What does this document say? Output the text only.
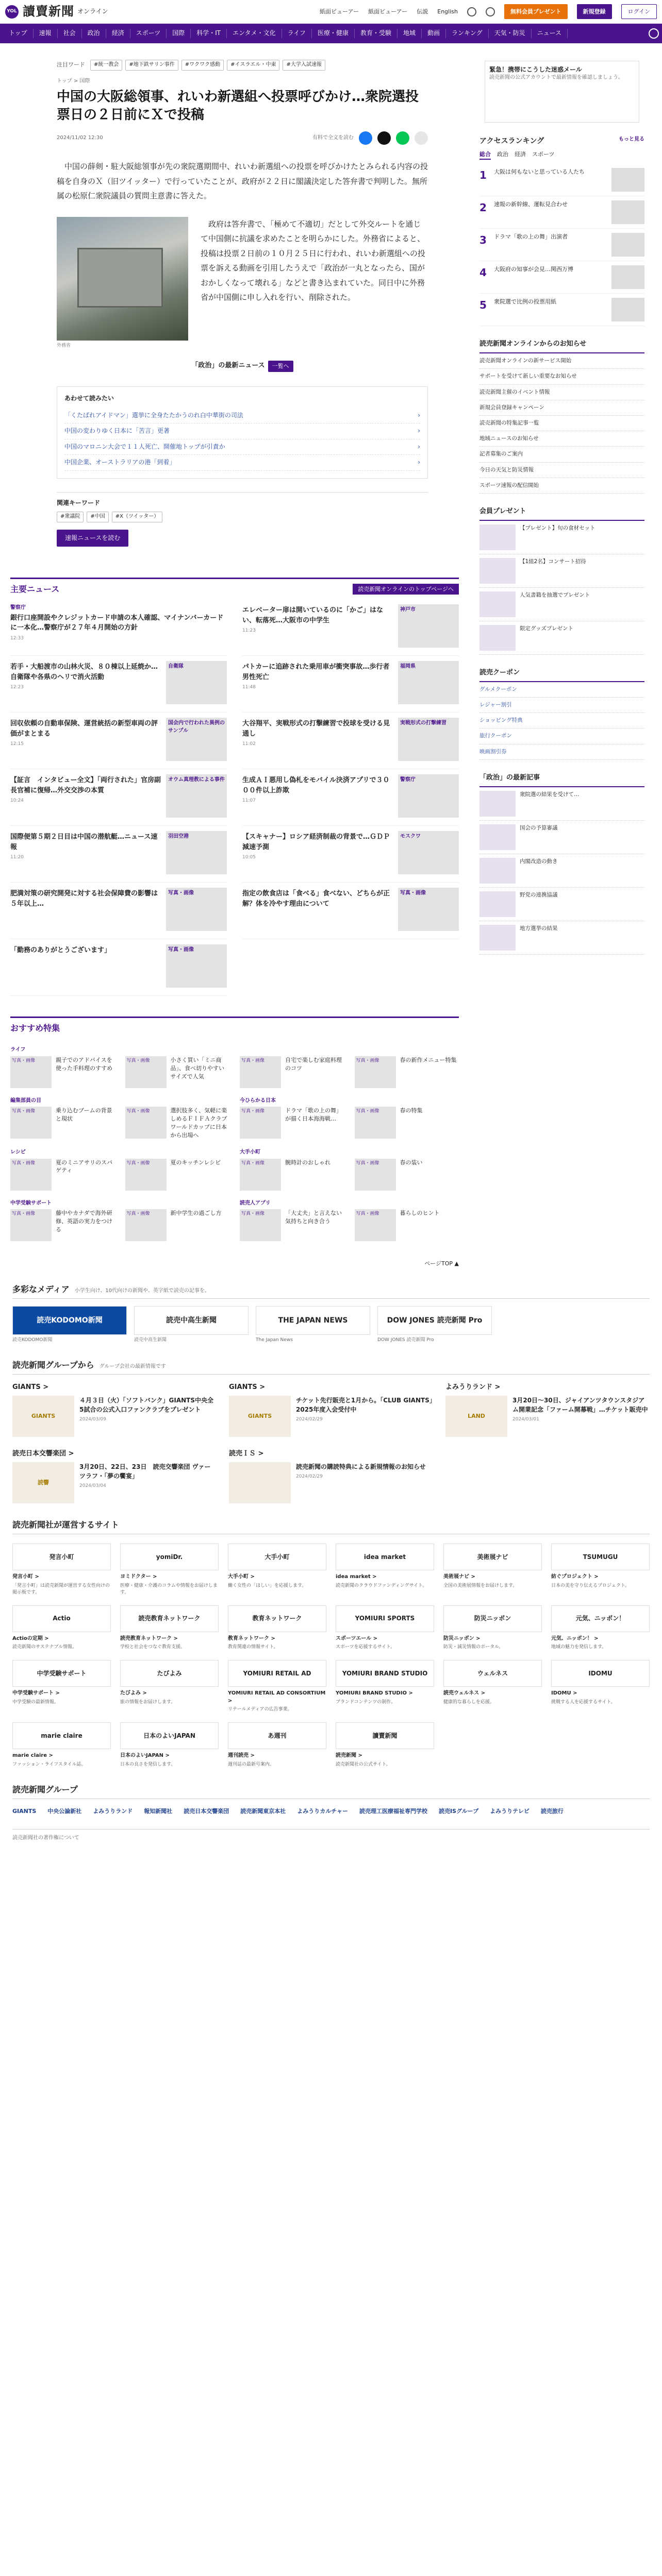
YOL 讀賣新聞 オンライン	紙面ビューアー 紙面ビューアー 伝説 English	無料会員プレゼント	新規登録	ログイン
トップ	速報	社会	政治	経済	スポーツ	国際	科学・IT	エンタメ・文化	ライフ	医療・健康	教育・受験	地域	動画	ランキング	天気・防災	ニュース
注目ワード	#統一教会	#地下鉄サリン事件	#ワクワク感動	#イスラエル・中東	#大学入試速報
トップ > 国際
中国の大阪総領事、れいわ新選組へ投票呼びかけ…衆院選投票日の２日前にＸで投稿
2024/11/02 12:30	有料で全文を読む

　中国の薛剣・駐大阪総領事が先の衆院選期間中、れいわ新選組への投票を呼びかけたとみられる内容の投稿を自身のＸ（旧ツイッター）で行っていたことが、政府が２２日に閣議決定した答弁書で判明した。無所属の松原仁衆院議員の質問主意書に答えた。

外務省

　政府は答弁書で、「極めて不適切」だとして外交ルートを通じて中国側に抗議を求めたことを明らかにした。外務省によると、投稿は投票２日前の１０月２５日に行われ、れいわ新選組への投票を訴える動画を引用したうえで「政治が一丸となったら、国がおかしくなって壊れる」などと書き込まれていた。同日中に外務省が中国側に申し入れを行い、削除された。

「政治」の最新ニュース	一覧へ
あわせて読みたい
「くたばれアイドマン」選挙に全身たたかうのれ白中華街の司法	›
中国の変わりゆく日本に「苦言」更著	›
中国のマロニン大会で１１人死亡、開催地トップが引責か	›
中国企業、オーストラリアの港「到着」	›
関連キーワード
#衆議院	#中国	#X（ツイッター）
速報ニュースを読む
主要ニュース	読売新聞オンラインのトップページへ
警察庁
銀行口座開設やクレジットカード申請の本人確認、マイナンバーカードに一本化…警察庁が２７年４月開始の方針
12:33
エレベーター扉は開いているのに「かご」はない、転落死…大阪市の中学生
11:23
神戸市
若手・大船渡市の山林火災、８０棟以上延焼か…自衛隊や各県のヘリで消火活動
12:23
自衛隊	パトカーに追跡された乗用車が衝突事故…歩行者男性死亡
11:48
福岡県
回収依頼の自動車保険、運営統括の新型車両の評価がまとまる
12:15
国会内で行われた異例のサンプル
大谷翔平、実戦形式の打撃練習で投球を受ける見通し
11:02
実戦形式の打撃練習
【証言　インタビュー全文】「両行された」官房副長官補に復帰…外交交渉の本質
10:24
オウム真理教による事件	生成ＡＩ悪用し偽札をモバイル決済アプリで３０００件以上詐欺
11:07
警察庁
国際便第５期２日目は中国の潜航艇…ニュース速報
11:20
羽田空港	【スキャナー】ロシア経済制裁の背景で…ＧＤＰ減速予測
10:05
モスクワ
肥満対策の研究開発に対する社会保障費の影響は５年以上…
写真・画像	指定の飲食店は「食べる」食べない、どちらが正解？体を冷やす理由について
写真・画像
「勤務のありがとうございます」	写真・画像
おすすめ特集
ライフ
写真・画像	親子でのアドバイスを使った手料理のすすめ

写真・画像	小さく買い「ミニ商品」、食べ切りやすいサイズで人気

写真・画像	自宅で楽しむ家庭料理のコツ

写真・画像	春の新作メニュー特集
編集部員の目
写真・画像	乗り込むブームの背景と現状

写真・画像	選択肢多く、気軽に楽しめるＦＩＦＡクラブワールドカップに日本から出場へ
今ひらかる日本
写真・画像	ドラマ「歌の上の舞」が描く日本海海戦…

写真・画像	春の特集
レシピ
写真・画像	夏のミニアサリのスパゲティ

写真・画像	夏のキッチンレシピ
大手小町
写真・画像	腕時計のおしゃれ
	写真・画像	春の装い
中学受験サポート
写真・画像	藤中やカナダで海外研修、英語の実力をつける

写真・画像	新中学生の過ごし方
読売人アプリ
写真・画像	「大丈夫」と言えない気持ちと向き合う

写真・画像	暮らしのヒント
ページTOP ▲
緊急！携帯にこうした迷惑メール
読売新聞の公式アカウントで最新情報を確認しましょう。
アクセスランキング	もっと見る
総合 政治 経済 スポーツ
1	大阪は何もないと思っている人たち
2	速報の新幹線、運転見合わせ
3	ドラマ「歌の上の舞」出演者
4	大阪府の知事が会見…関西万博
5	衆院選で比例の投票用紙
読売新聞オンラインからのお知らせ
読売新聞オンラインの新サービス開始
サポートを受けて新しい重要なお知らせ
読売新聞主催のイベント情報
新規会員登録キャンペーン
読売新聞の特集記事一覧
地域ニュースのお知らせ
記者募集のご案内
今日の天気と防災情報
スポーツ速報の配信開始
会員プレゼント
【プレゼント】旬の食材セット
【1組2名】コンサート招待
人気書籍を抽選でプレゼント
限定グッズプレゼント
読売クーポン
グルメクーポン
レジャー割引
ショッピング特典
旅行クーポン
映画割引券
「政治」の最新記事
衆院選の結果を受けて…
国会の予算審議
内閣改造の動き
野党の連携協議
地方選挙の結果
多彩なメディア 小学生向け、10代向けの新聞や、英字紙で読売の記事を。
読売KODOMO新聞
読売KODOMO新聞
読売中高生新聞
読売中高生新聞
THE JAPAN NEWS
The Japan News
DOW JONES 読売新聞 Pro
DOW JONES 読売新聞 Pro
読売新聞グループから グループ会社の最新情報です
GIANTS >
GIANTS
４月３日（火）「ソフトバンク」GIANTS中央全5試合の公式入口ファンクラブをプレゼント
2024/03/09
GIANTS >
GIANTS
チケット先行販売と1月から。「CLUB GIANTS」2025年度入会受付中
2024/02/29
よみうりランド >
LAND
3月20日～30日、ジャイアンツタウンスタジアム開業記念「ファーム開幕戦」…チケット販売中
2024/03/01
読売日本交響楽団 >
読響
3月20日、22日、23日　読売交響楽団 ヴァーツラフ・「夢の饗宴」
2024/03/04
読売ＩＳ >
読売新聞の購読特典による新規情報のお知らせ
2024/02/29
読売新聞社が運営するサイト
発言小町
発言小町 >
「発言小町」は読売新聞が運営する女性向けの掲示板です。
yomiDr.
ヨミドクター >
医療・健康・介護のコラムや情報をお届けします。
大手小町
大手小町 >
働く女性の「ほしい」を応援します。
idea market
idea market >
読売新聞のクラウドファンディングサイト。
美術展ナビ
美術展ナビ >
全国の美術展情報をお届けします。
TSUMUGU
紡ぐプロジェクト >
日本の美を守り伝えるプロジェクト。
Actio
Actioの定期 >
読売新聞のサステナブル情報。
読売教育ネットワーク
読売教育ネットワーク >
学校と社会をつなぐ教育支援。
教育ネットワーク
教育ネットワーク >
教育関連の情報サイト。
YOMIURI SPORTS
スポーツエール >
スポーツを応援するサイト。
防災ニッポン
防災ニッポン >
防災・減災情報のポータル。
元気、ニッポン！
元気、ニッポン！ >
地域の魅力を発信します。
中学受験サポート
中学受験サポート >
中学受験の最新情報。
たびよみ
たびよみ >
旅の情報をお届けします。
YOMIURI RETAIL AD
YOMIURI RETAIL AD CONSORTIUM >
リテールメディアの広告事業。
YOMIURI BRAND STUDIO
YOMIURI BRAND STUDIO >
ブランドコンテンツの制作。
ウェルネス
読売ウェルネス >
健康的な暮らしを応援。
IDOMU
IDOMU >
挑戦する人を応援するサイト。
marie claire
marie claire >
ファッション・ライフスタイル誌。
日本のよいJAPAN
日本のよいJAPAN >
日本の良さを発信します。
あ週刊
週刊読売 >
週刊誌の最新号案内。
讀賣新聞
読売新聞 >
読売新聞社の公式サイト。
読売新聞グループ
GIANTS 中央公論新社 よみうりランド 報知新聞社 読売日本交響楽団 読売新聞東京本社 よみうりカルチャー 読売理工医療福祉専門学校 読売ISグループ よみうりテレビ 読売旅行
読売新聞社の著作権について
